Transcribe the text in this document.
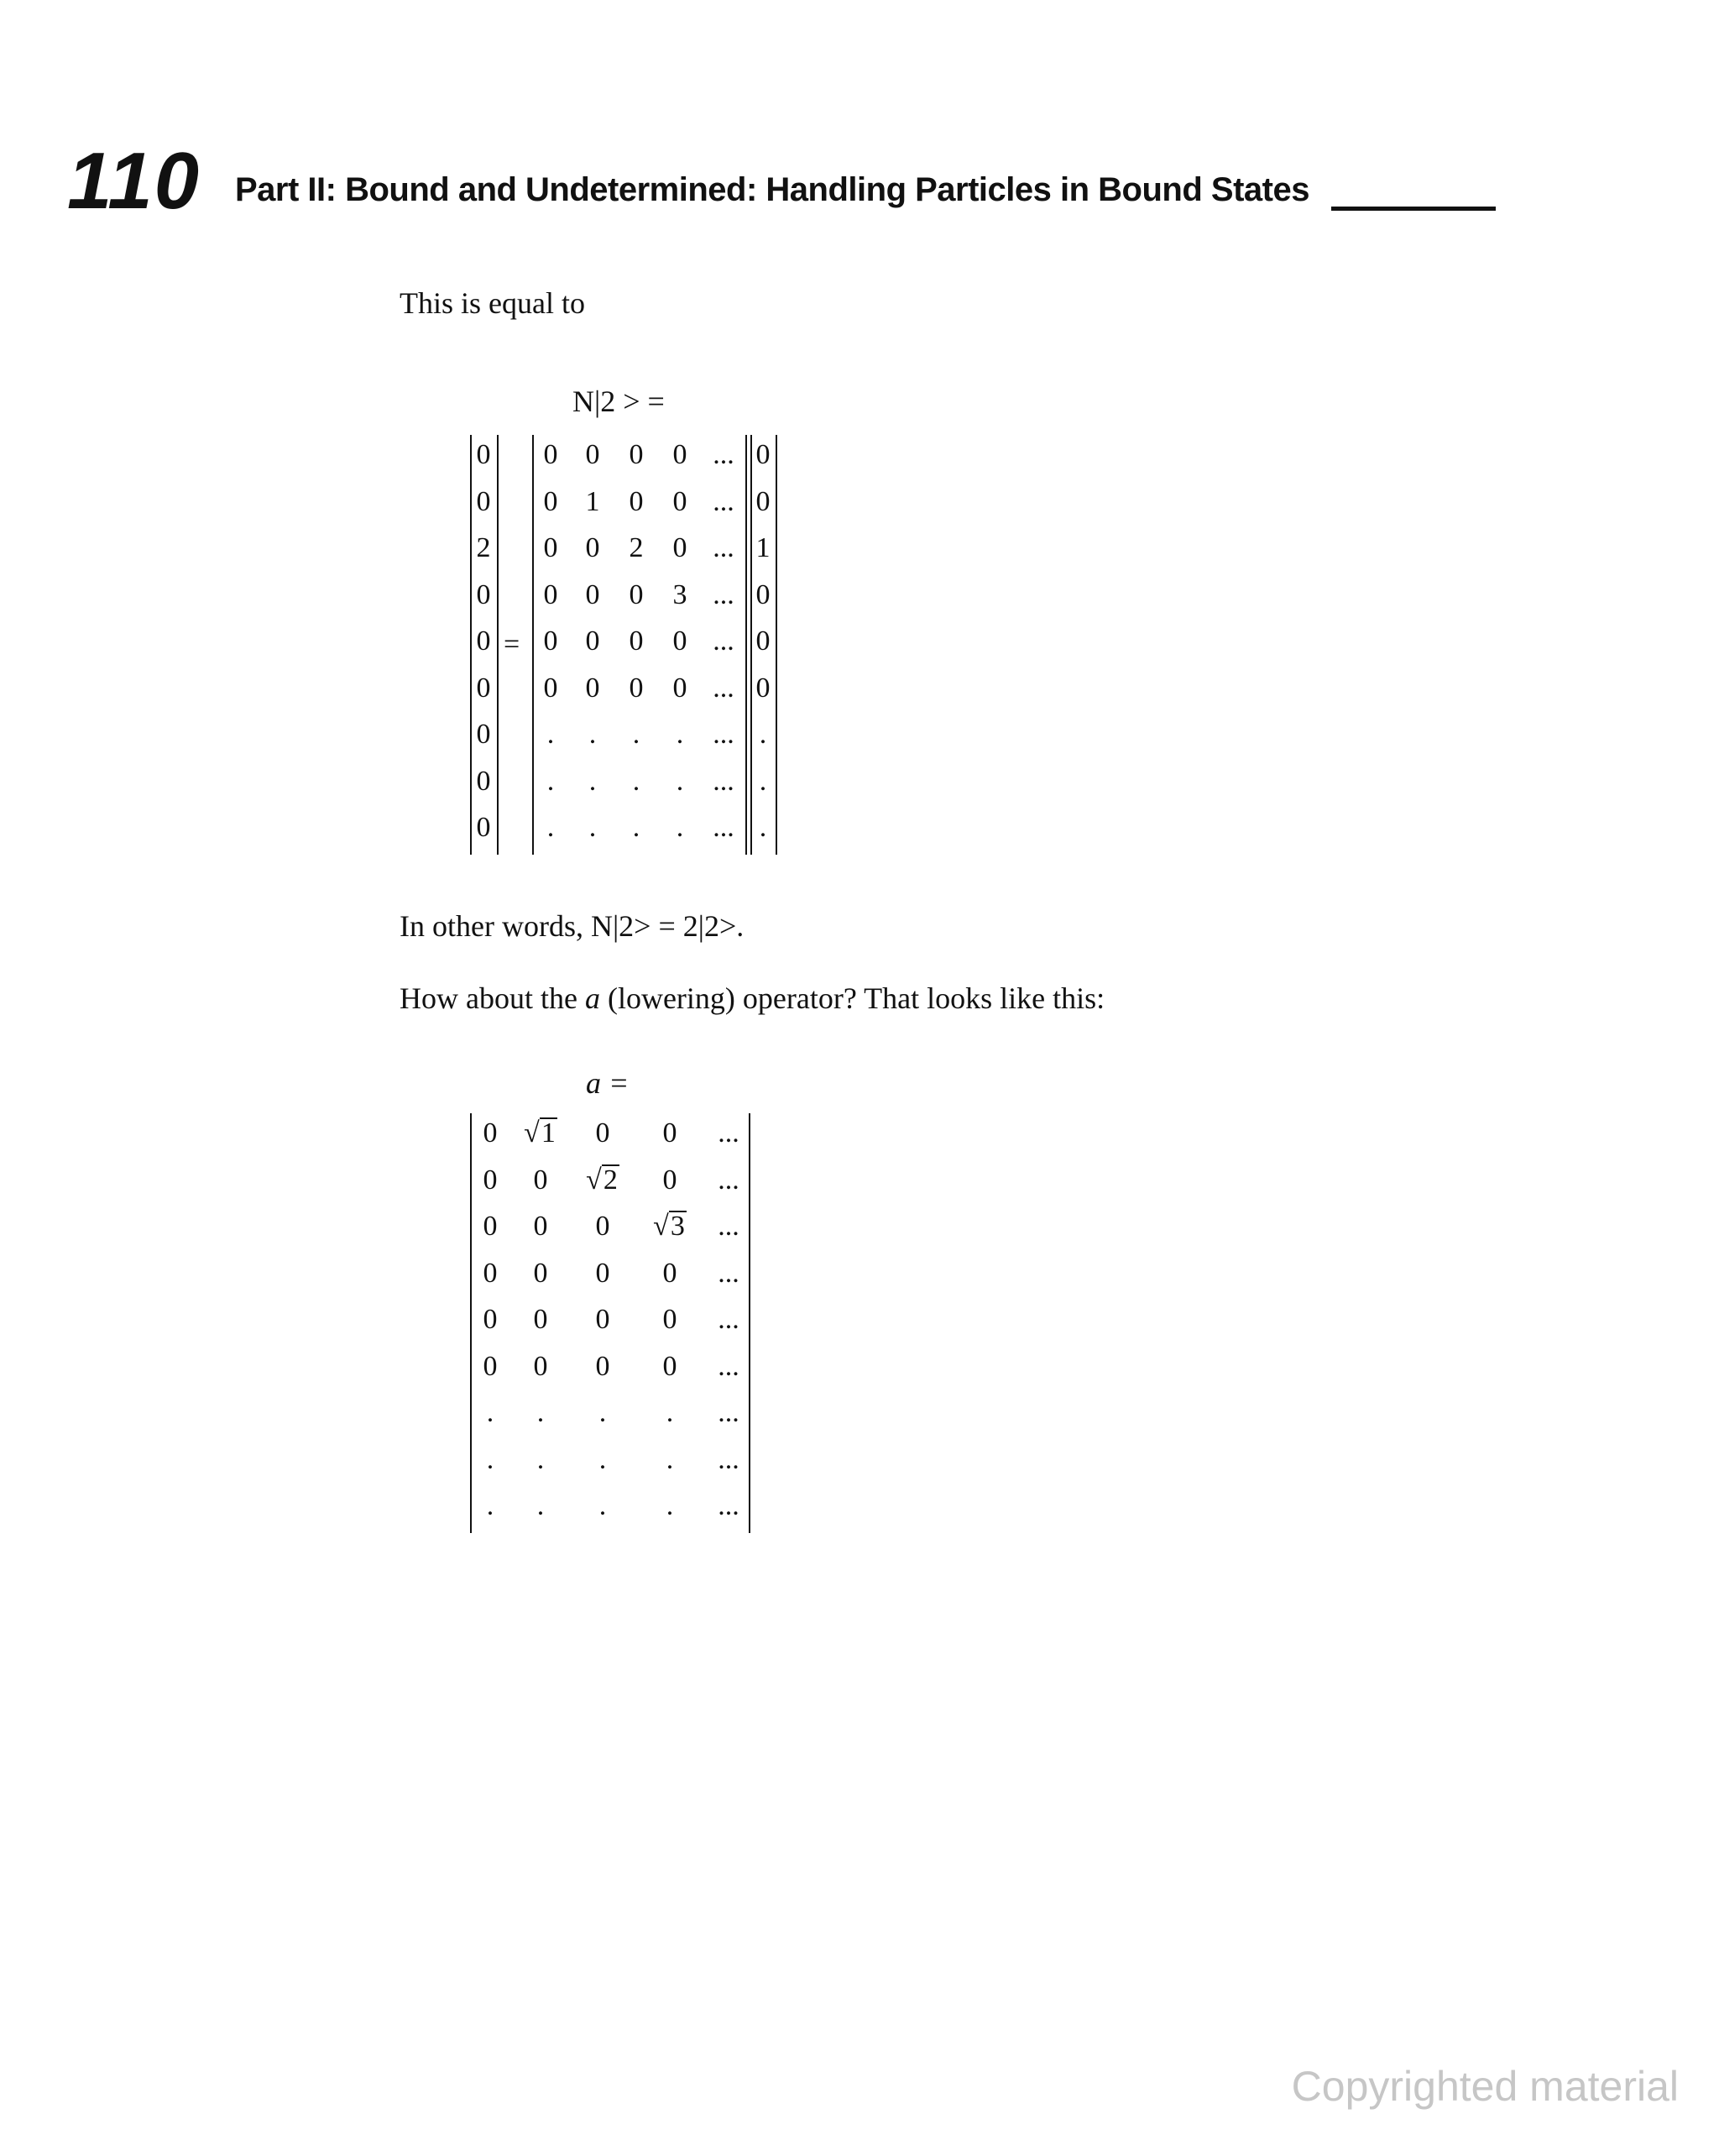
110 Part II: Bound and Undetermined: Handling Particles in Bound States
This is equal to
N|2 > =
0
0
2
0
0
0
0
0
0
=
0 0	0	0 ...
0 1	0	0 ...
0 0	2	0 ...
0 0	0	3 ...
0 0	0	0 ...
0 0	0	0 ...
.	.	.	.	...
.	.	.	.	...
.	.	.	.	...
0
0
1
0
0
0
.
.
.
In other words, N|2> = 2|2>.
How about the a (lowering) operator? That looks like this:
a =
0 √1	0	0	...
0	0	√2	0	...
0	0	0	√3 ...
0	0	0	0	...
0	0	0	0	...
0	0	0	0	...
.	.	.	.	...
.	.	.	.	...
.	.	.	.	...
Copyrighted material
